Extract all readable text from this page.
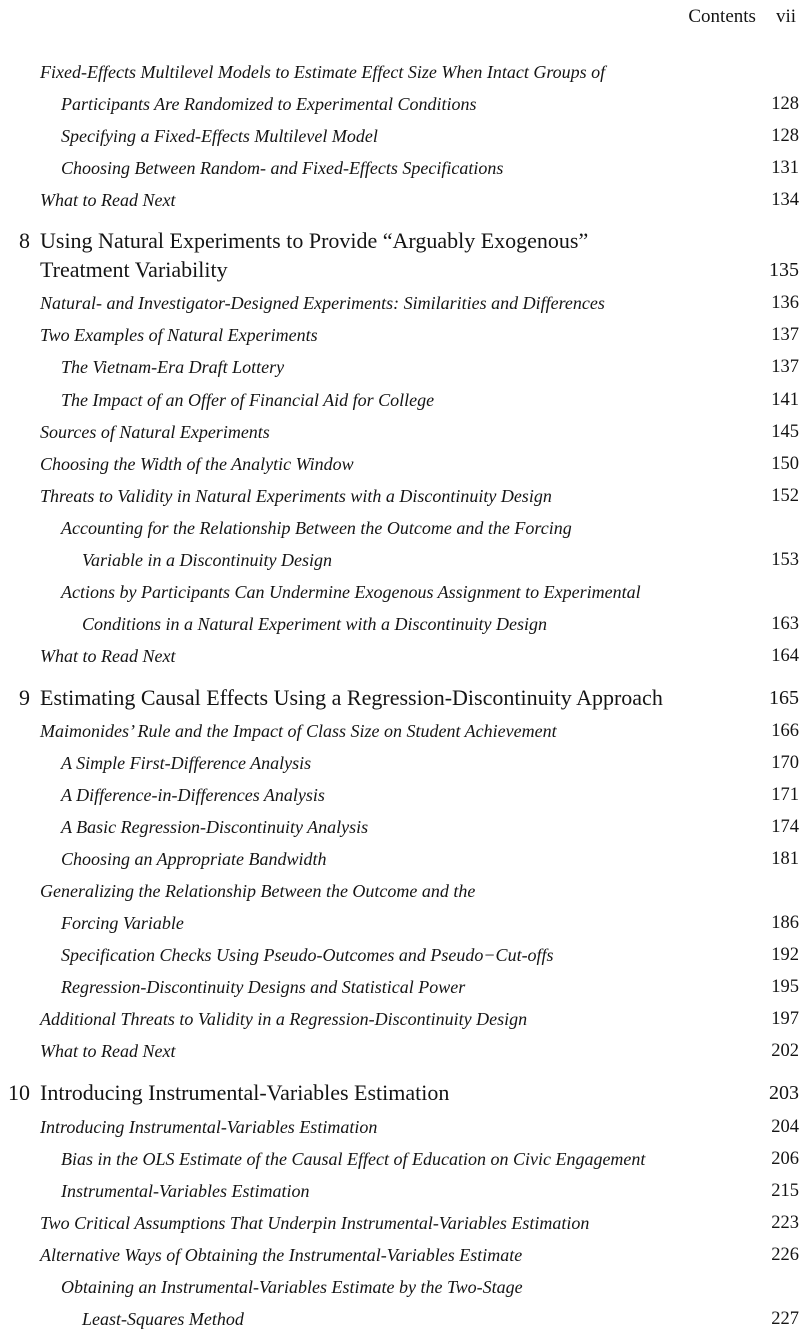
Contents vii
Fixed-Effects Multilevel Models to Estimate Effect Size When Intact Groups of
Participants Are Randomized to Experimental Conditions	128
Specifying a Fixed-Effects Multilevel Model	128
Choosing Between Random- and Fixed-Effects Specifications	131
What to Read Next	134
8 Using Natural Experiments to Provide “Arguably Exogenous”
Treatment Variability	135
Natural- and Investigator-Designed Experiments: Similarities and Differences	136
Two Examples of Natural Experiments	137
The Vietnam-Era Draft Lottery	137
The Impact of an Offer of Financial Aid for College	141
Sources of Natural Experiments	145
Choosing the Width of the Analytic Window	150
Threats to Validity in Natural Experiments with a Discontinuity Design	152
Accounting for the Relationship Between the Outcome and the Forcing
Variable in a Discontinuity Design	153
Actions by Participants Can Undermine Exogenous Assignment to Experimental
Conditions in a Natural Experiment with a Discontinuity Design	163
What to Read Next	164
9 Estimating Causal Effects Using a Regression-Discontinuity Approach	165
Maimonides’ Rule and the Impact of Class Size on Student Achievement	166
A Simple First-Difference Analysis	170
A Difference-in-Differences Analysis	171
A Basic Regression-Discontinuity Analysis	174
Choosing an Appropriate Bandwidth	181
Generalizing the Relationship Between the Outcome and the
Forcing Variable	186
Specification Checks Using Pseudo-Outcomes and Pseudo−Cut-offs	192
Regression-Discontinuity Designs and Statistical Power	195
Additional Threats to Validity in a Regression-Discontinuity Design	197
What to Read Next	202
10 Introducing Instrumental-Variables Estimation	203
Introducing Instrumental-Variables Estimation	204
Bias in the OLS Estimate of the Causal Effect of Education on Civic Engagement	206
Instrumental-Variables Estimation	215
Two Critical Assumptions That Underpin Instrumental-Variables Estimation	223
Alternative Ways of Obtaining the Instrumental-Variables Estimate	226
Obtaining an Instrumental-Variables Estimate by the Two-Stage
Least-Squares Method	227
